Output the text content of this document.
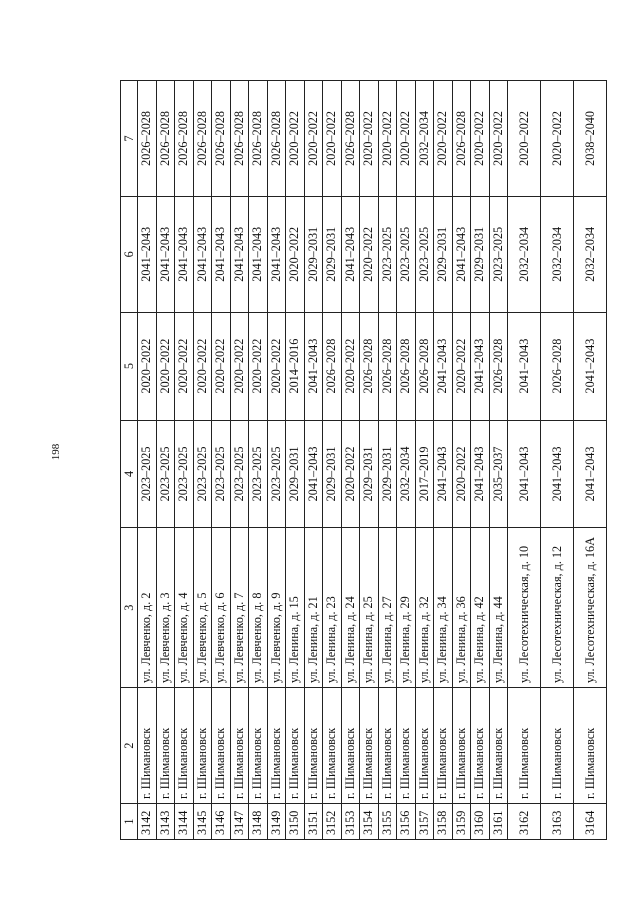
198
1	2	3	4	5	6	7
3142	г. Шимановск	ул. Левченко, д. 2	2023–2025	2020–2022	2041–2043	2026–2028
3143	г. Шимановск	ул. Левченко, д. 3	2023–2025	2020–2022	2041–2043	2026–2028
3144	г. Шимановск	ул. Левченко, д. 4	2023–2025	2020–2022	2041–2043	2026–2028
3145	г. Шимановск	ул. Левченко, д. 5	2023–2025	2020–2022	2041–2043	2026–2028
3146	г. Шимановск	ул. Левченко, д. 6	2023–2025	2020–2022	2041–2043	2026–2028
3147	г. Шимановск	ул. Левченко, д. 7	2023–2025	2020–2022	2041–2043	2026–2028
3148	г. Шимановск	ул. Левченко, д. 8	2023–2025	2020–2022	2041–2043	2026–2028
3149	г. Шимановск	ул. Левченко, д. 9	2023–2025	2020–2022	2041–2043	2026–2028
3150	г. Шимановск	ул. Ленина, д. 15	2029–2031	2014–2016	2020–2022	2020–2022
3151	г. Шимановск	ул. Ленина, д. 21	2041–2043	2041–2043	2029–2031	2020–2022
3152	г. Шимановск	ул. Ленина, д. 23	2029–2031	2026–2028	2029–2031	2020–2022
3153	г. Шимановск	ул. Ленина, д. 24	2020–2022	2020–2022	2041–2043	2026–2028
3154	г. Шимановск	ул. Ленина, д. 25	2029–2031	2026–2028	2020–2022	2020–2022
3155	г. Шимановск	ул. Ленина, д. 27	2029–2031	2026–2028	2023–2025	2020–2022
3156	г. Шимановск	ул. Ленина, д. 29	2032–2034	2026–2028	2023–2025	2020–2022
3157	г. Шимановск	ул. Ленина, д. 32	2017–2019	2026–2028	2023–2025	2032–2034
3158	г. Шимановск	ул. Ленина, д. 34	2041–2043	2041–2043	2029–2031	2020–2022
3159	г. Шимановск	ул. Ленина, д. 36	2020–2022	2020–2022	2041–2043	2026–2028
3160	г. Шимановск	ул. Ленина, д. 42	2041–2043	2041–2043	2029–2031	2020–2022
3161	г. Шимановск	ул. Ленина, д. 44	2035–2037	2026–2028	2023–2025	2020–2022
3162	г. Шимановск	ул. Лесотехническая, д. 10	2041–2043	2041–2043	2032–2034	2020–2022
3163	г. Шимановск	ул. Лесотехническая, д. 12	2041–2043	2026–2028	2032–2034	2020–2022
3164	г. Шимановск	ул. Лесотехническая, д. 16А	2041–2043	2041–2043	2032–2034	2038–2040
